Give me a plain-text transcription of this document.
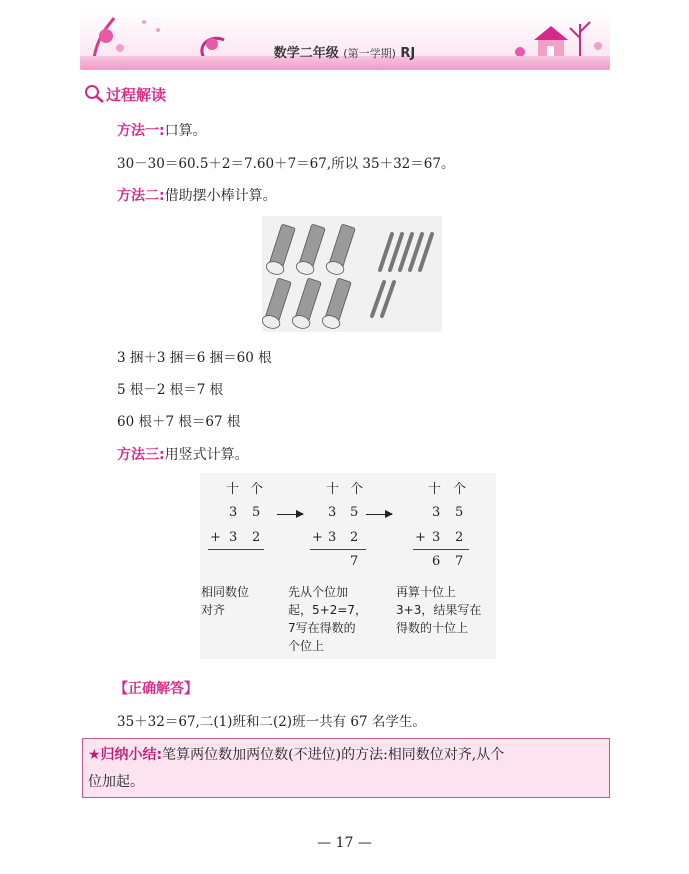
数学二年级 (第一学期) RJ
过程解读
方法一:口算。
30－30＝60.5＋2＝7.60＋7＝67,所以 35＋32＝67。
方法二:借助摆小棒计算。
3 捆＋3 捆＝6 捆＝60 根
5 根－2 根＝7 根
60 根＋7 根＝67 根
方法三:用竖式计算。
十 个
3 5
+ 3 2
十 个
3 5
+ 3 2
7
十 个
3 5
+ 3 2
6 7
相同数位
对齐
先从个位加
起，5+2=7，
7写在得数的
个位上
再算十位上
3+3，结果写在
得数的十位上
【正确解答】
35＋32＝67,二(1)班和二(2)班一共有 67 名学生。
★归纳小结:笔算两位数加两位数(不进位)的方法:相同数位对齐,从个
位加起。
— 17 —
